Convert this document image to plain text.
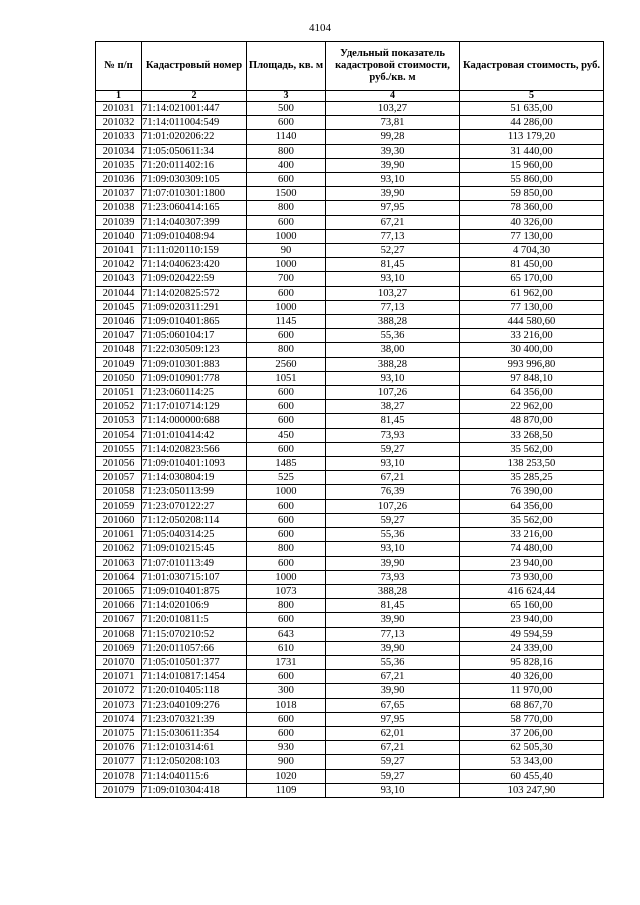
4104
№ п/п	Кадастровый номер	Площадь, кв. м	Удельный показатель кадастровой стоимости, руб./кв. м	Кадастровая стоимость, руб.
1	2	3	4	5
201031	71:14:021001:447	500	103,27	51 635,00
201032	71:14:011004:549	600	73,81	44 286,00
201033	71:01:020206:22	1140	99,28	113 179,20
201034	71:05:050611:34	800	39,30	31 440,00
201035	71:20:011402:16	400	39,90	15 960,00
201036	71:09:030309:105	600	93,10	55 860,00
201037	71:07:010301:1800	1500	39,90	59 850,00
201038	71:23:060414:165	800	97,95	78 360,00
201039	71:14:040307:399	600	67,21	40 326,00
201040	71:09:010408:94	1000	77,13	77 130,00
201041	71:11:020110:159	90	52,27	4 704,30
201042	71:14:040623:420	1000	81,45	81 450,00
201043	71:09:020422:59	700	93,10	65 170,00
201044	71:14:020825:572	600	103,27	61 962,00
201045	71:09:020311:291	1000	77,13	77 130,00
201046	71:09:010401:865	1145	388,28	444 580,60
201047	71:05:060104:17	600	55,36	33 216,00
201048	71:22:030509:123	800	38,00	30 400,00
201049	71:09:010301:883	2560	388,28	993 996,80
201050	71:09:010901:778	1051	93,10	97 848,10
201051	71:23:060114:25	600	107,26	64 356,00
201052	71:17:010714:129	600	38,27	22 962,00
201053	71:14:000000:688	600	81,45	48 870,00
201054	71:01:010414:42	450	73,93	33 268,50
201055	71:14:020823:566	600	59,27	35 562,00
201056	71:09:010401:1093	1485	93,10	138 253,50
201057	71:14:030804:19	525	67,21	35 285,25
201058	71:23:050113:99	1000	76,39	76 390,00
201059	71:23:070122:27	600	107,26	64 356,00
201060	71:12:050208:114	600	59,27	35 562,00
201061	71:05:040314:25	600	55,36	33 216,00
201062	71:09:010215:45	800	93,10	74 480,00
201063	71:07:010113:49	600	39,90	23 940,00
201064	71:01:030715:107	1000	73,93	73 930,00
201065	71:09:010401:875	1073	388,28	416 624,44
201066	71:14:020106:9	800	81,45	65 160,00
201067	71:20:010811:5	600	39,90	23 940,00
201068	71:15:070210:52	643	77,13	49 594,59
201069	71:20:011057:66	610	39,90	24 339,00
201070	71:05:010501:377	1731	55,36	95 828,16
201071	71:14:010817:1454	600	67,21	40 326,00
201072	71:20:010405:118	300	39,90	11 970,00
201073	71:23:040109:276	1018	67,65	68 867,70
201074	71:23:070321:39	600	97,95	58 770,00
201075	71:15:030611:354	600	62,01	37 206,00
201076	71:12:010314:61	930	67,21	62 505,30
201077	71:12:050208:103	900	59,27	53 343,00
201078	71:14:040115:6	1020	59,27	60 455,40
201079	71:09:010304:418	1109	93,10	103 247,90
